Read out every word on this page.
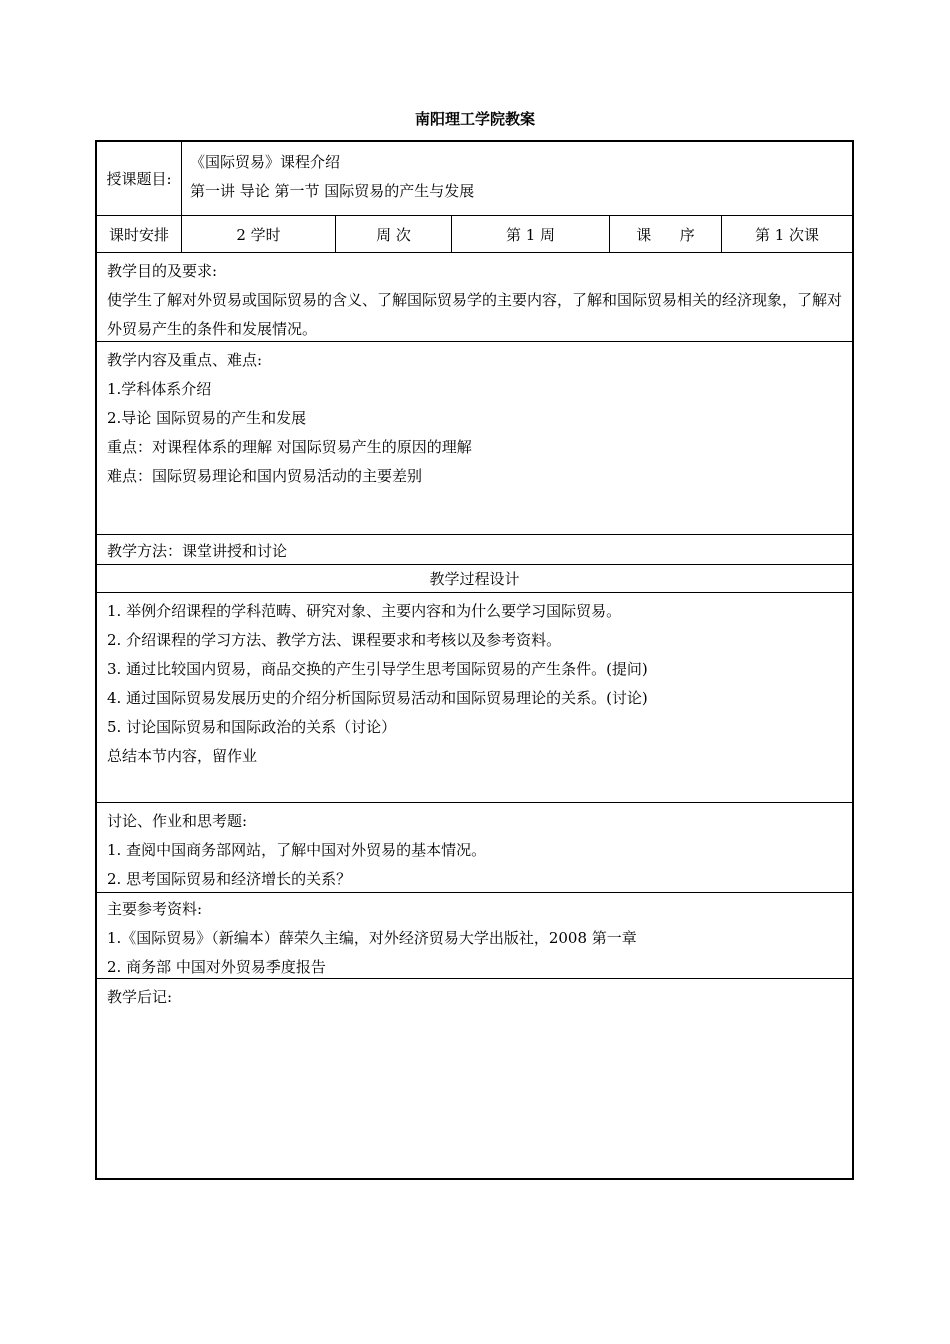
南阳理工学院教案
授课题目:
《国际贸易》课程介绍
第一讲 导论 第一节 国际贸易的产生与发展
课时安排	2 学时	周 次	第 1 周	课      序	第 1 次课
教学目的及要求:
使学生了解对外贸易或国际贸易的含义、了解国际贸易学的主要内容，了解和国际贸易相关的经济现象，了解对外贸易产生的条件和发展情况。
教学内容及重点、难点:
1.学科体系介绍
2.导论 国际贸易的产生和发展
重点：对课程体系的理解 对国际贸易产生的原因的理解
难点：国际贸易理论和国内贸易活动的主要差别
教学方法：课堂讲授和讨论
教学过程设计
1. 举例介绍课程的学科范畴、研究对象、主要内容和为什么要学习国际贸易。
2. 介绍课程的学习方法、教学方法、课程要求和考核以及参考资料。
3. 通过比较国内贸易，商品交换的产生引导学生思考国际贸易的产生条件。(提问)
4. 通过国际贸易发展历史的介绍分析国际贸易活动和国际贸易理论的关系。(讨论)
5. 讨论国际贸易和国际政治的关系（讨论）
总结本节内容，留作业
讨论、作业和思考题:
1. 查阅中国商务部网站，了解中国对外贸易的基本情况。
2. 思考国际贸易和经济增长的关系？
主要参考资料:
1.《国际贸易》（新编本）薛荣久主编，对外经济贸易大学出版社，2008 第一章
2. 商务部 中国对外贸易季度报告
教学后记:
